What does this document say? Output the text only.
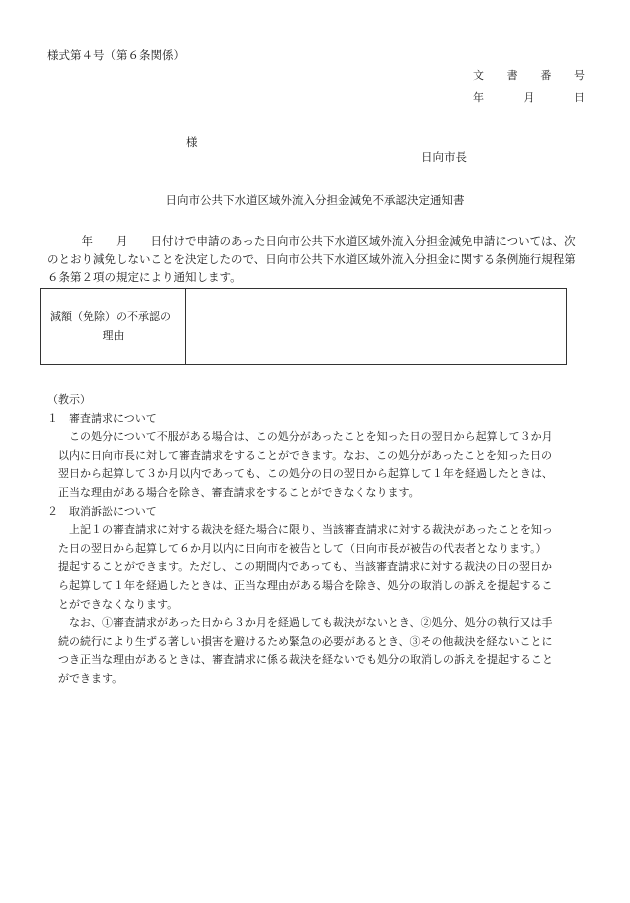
様式第４号（第６条関係）
文 書 番 号
年	月	日
様
日向市長
日向市公共下水道区域外流入分担金減免不承認決定通知書
　　　年　　月　　日付けで申請のあった日向市公共下水道区域外流入分担金減免申請については、次
のとおり減免しないことを決定したので、日向市公共下水道区域外流入分担金に関する条例施行規程第
６条第２項の規定により通知します。
減額（免除）の不承認の
理由
（教示）
１　審査請求について
　この処分について不服がある場合は、この処分があったことを知った日の翌日から起算して３か月
以内に日向市長に対して審査請求をすることができます。なお、この処分があったことを知った日の
翌日から起算して３か月以内であっても、この処分の日の翌日から起算して１年を経過したときは、
正当な理由がある場合を除き、審査請求をすることができなくなります。
２　取消訴訟について
　上記１の審査請求に対する裁決を経た場合に限り、当該審査請求に対する裁決があったことを知っ
た日の翌日から起算して６か月以内に日向市を被告として（日向市長が被告の代表者となります。）
提起することができます。ただし、この期間内であっても、当該審査請求に対する裁決の日の翌日か
ら起算して１年を経過したときは、正当な理由がある場合を除き、処分の取消しの訴えを提起するこ
とができなくなります。
　なお、①審査請求があった日から３か月を経過しても裁決がないとき、②処分、処分の執行又は手
続の続行により生ずる著しい損害を避けるため緊急の必要があるとき、③その他裁決を経ないことに
つき正当な理由があるときは、審査請求に係る裁決を経ないでも処分の取消しの訴えを提起すること
ができます。
